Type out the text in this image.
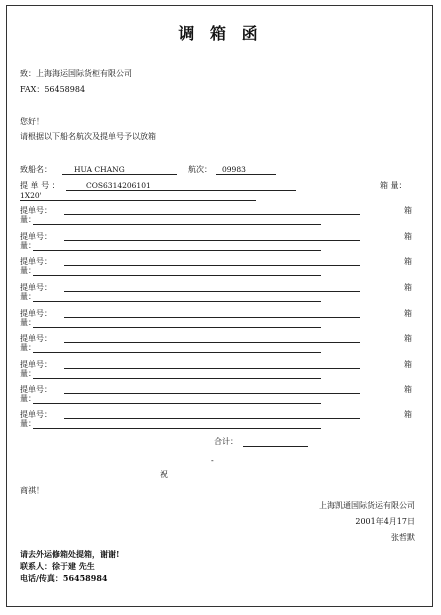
调 箱 函
致：上海海运国际货柜有限公司
FAX：56458984
您好！
请根据以下船名航次及提单号予以放箱
致船名：	HUA CHANG	航次： 09983
提 单 号 ：	COS6314206101	箱 量：
1X20'
提单号：
量：
箱
提单号：
量：
箱
提单号：
量：
箱
提单号：
量：
箱
提单号：
量：
箱
提单号：
量：
箱
提单号：
量：
箱
提单号：
量：
箱
提单号：
量：
箱
合计：
-
祝
商祺！
上海凯通国际货运有限公司
2001年4月17日
张哲默
请去外运修箱处提箱，谢谢!
联系人：徐于建 先生
电话/传真：56458984
